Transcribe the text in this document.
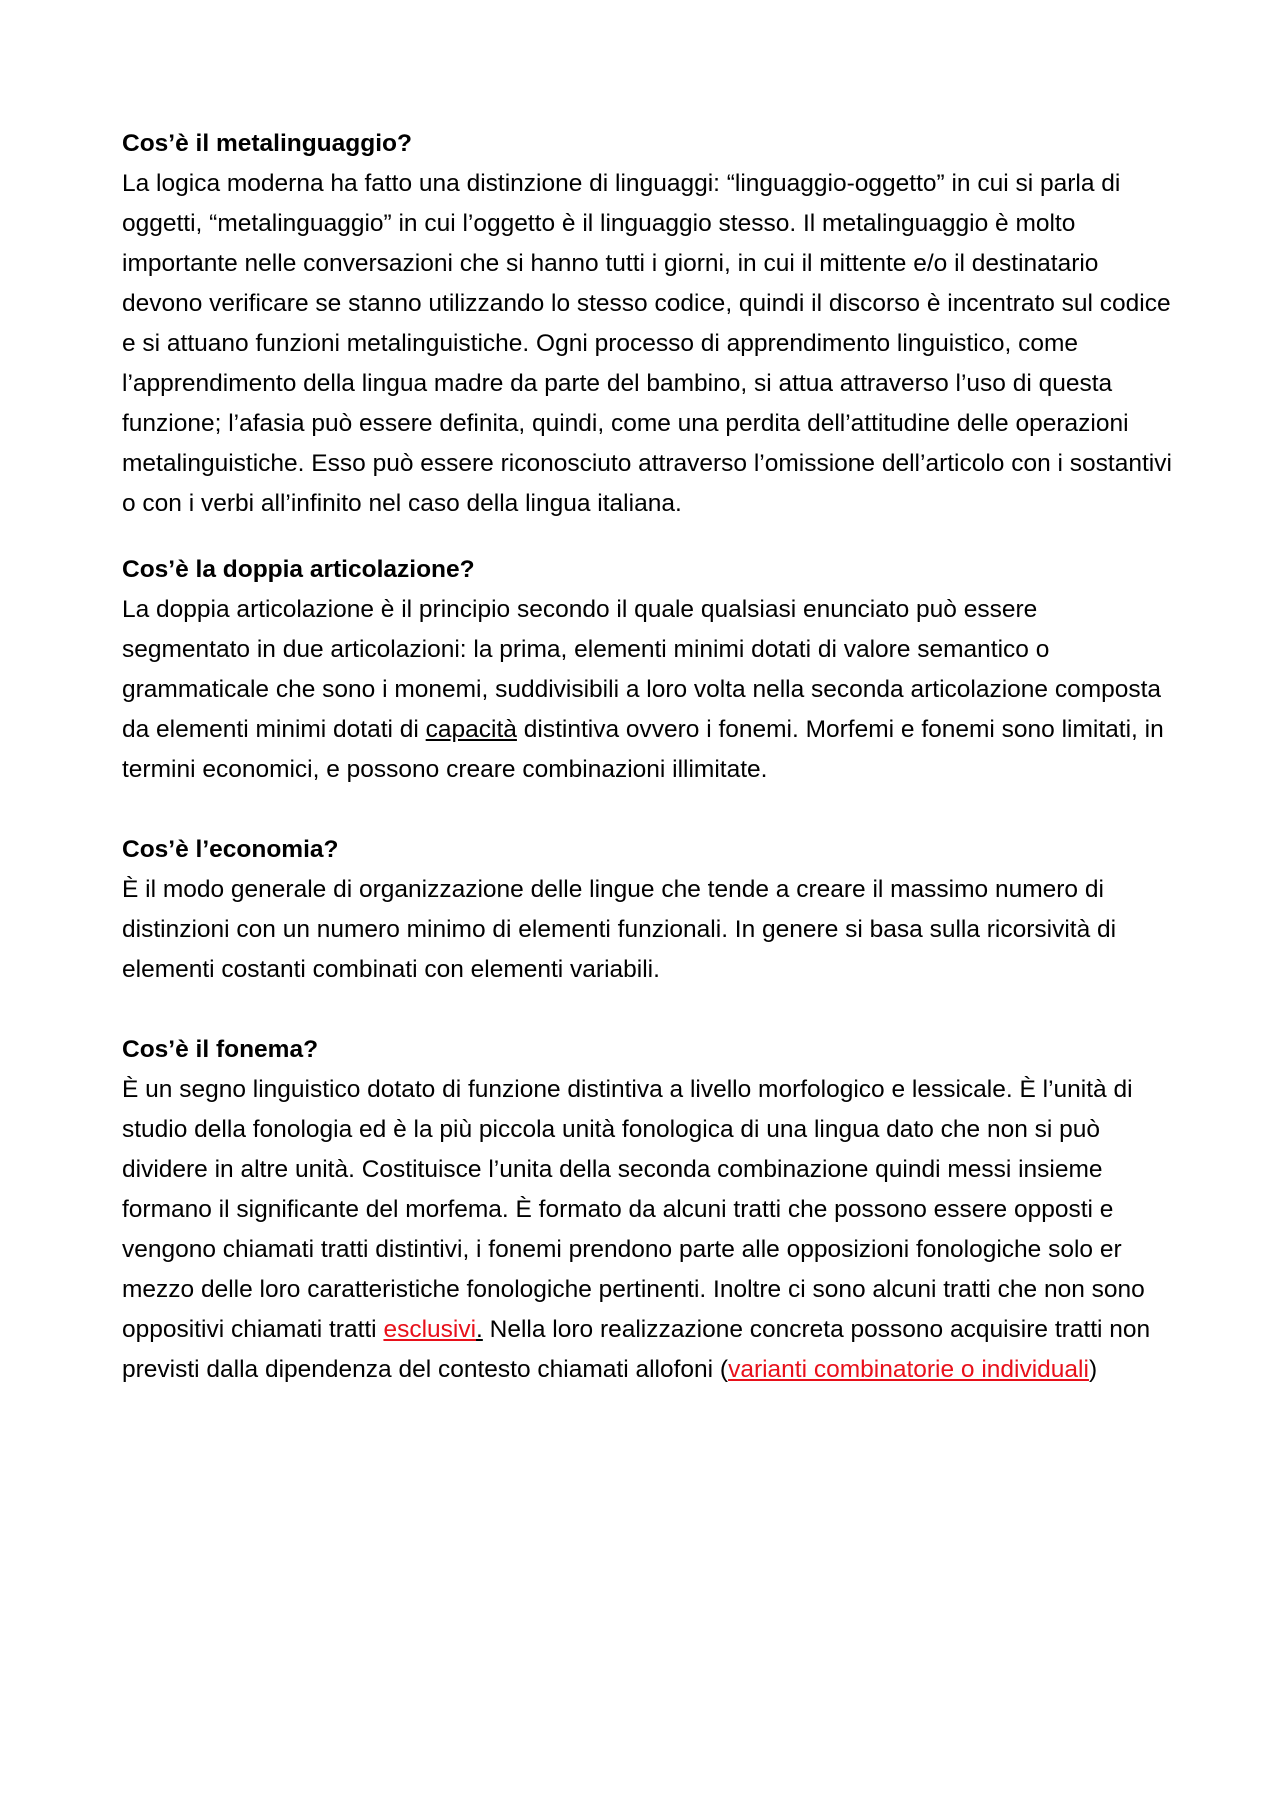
Cos’è il metalinguaggio?

La logica moderna ha fatto una distinzione di linguaggi: “linguaggio-oggetto” in cui si parla di oggetti, “metalinguaggio” in cui l’oggetto è il linguaggio stesso. Il metalinguaggio è molto importante nelle conversazioni che si hanno tutti i giorni, in cui il mittente e/o il destinatario devono verificare se stanno utilizzando lo stesso codice, quindi il discorso è incentrato sul codice e si attuano funzioni metalinguistiche. Ogni processo di apprendimento linguistico, come l’apprendimento della lingua madre da parte del bambino, si attua attraverso l’uso di questa funzione; l’afasia può essere definita, quindi, come una perdita dell’attitudine delle operazioni metalinguistiche. Esso può essere riconosciuto attraverso l’omissione dell’articolo con i sostantivi o con i verbi all’infinito nel caso della lingua italiana.

Cos’è la doppia articolazione?

La doppia articolazione è il principio secondo il quale qualsiasi enunciato può essere segmentato in due articolazioni: la prima, elementi minimi dotati di valore semantico o grammaticale che sono i monemi, suddivisibili a loro volta nella seconda articolazione composta da elementi minimi dotati di capacità distintiva ovvero i fonemi. Morfemi e fonemi sono limitati, in termini economici, e possono creare combinazioni illimitate.

Cos’è l’economia?

È il modo generale di organizzazione delle lingue che tende a creare il massimo numero di distinzioni con un numero minimo di elementi funzionali. In genere si basa sulla ricorsività di elementi costanti combinati con elementi variabili.

Cos’è il fonema?

È un segno linguistico dotato di funzione distintiva a livello morfologico e lessicale. È l’unità di studio della fonologia ed è la più piccola unità fonologica di una lingua dato che non si può dividere in altre unità. Costituisce l’unita della seconda combinazione quindi messi insieme formano il significante del morfema. È formato da alcuni tratti che possono essere opposti e vengono chiamati tratti distintivi, i fonemi prendono parte alle opposizioni fonologiche solo er mezzo delle loro caratteristiche fonologiche pertinenti. Inoltre ci sono alcuni tratti che non sono oppositivi chiamati tratti esclusivi. Nella loro realizzazione concreta possono acquisire tratti non previsti dalla dipendenza del contesto chiamati allofoni (varianti combinatorie o individuali)
